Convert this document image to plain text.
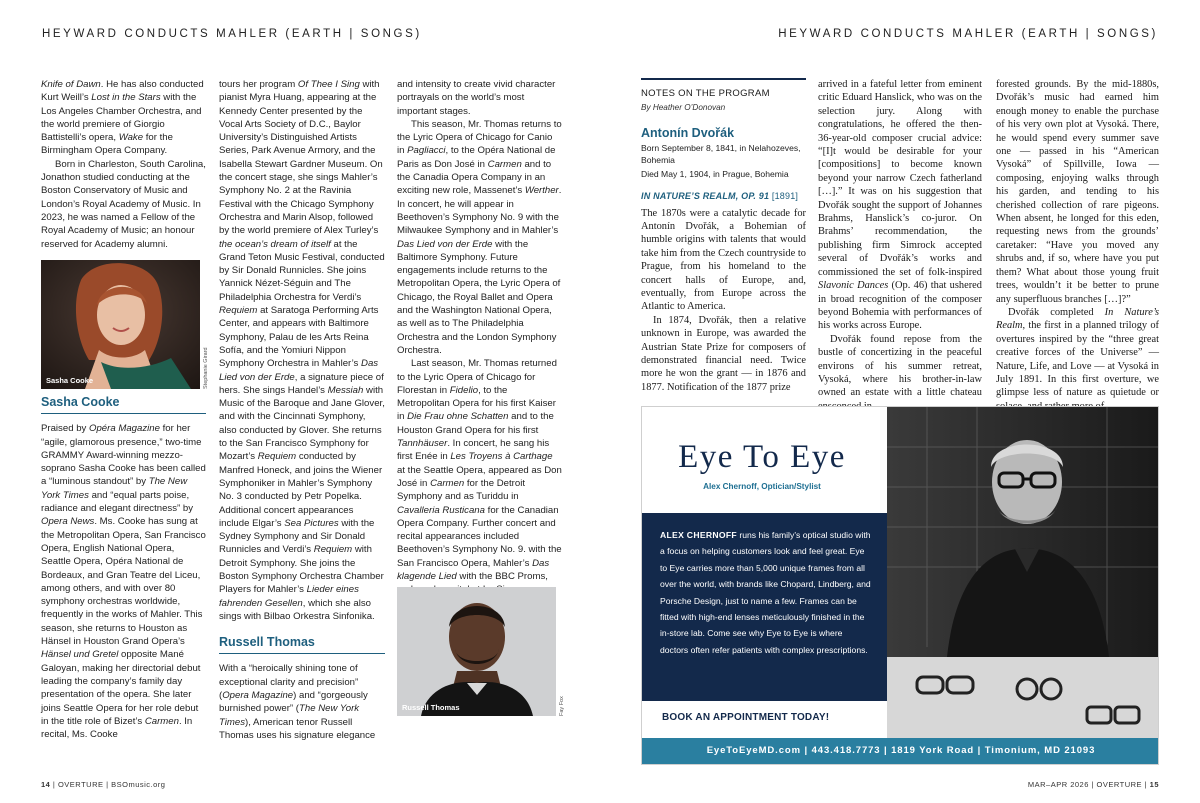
HEYWARD CONDUCTS MAHLER (EARTH | SONGS)	HEYWARD CONDUCTS MAHLER (EARTH | SONGS)

Knife of Dawn. He has also conducted Kurt Weill’s Lost in the Stars with the Los Angeles Chamber Orchestra, and the world premiere of Giorgio Battistelli’s opera, Wake for the Birmingham Opera Company.

Born in Charleston, South Carolina, Jonathon studied conducting at the Boston Conservatory of Music and London’s Royal Academy of Music. In 2023, he was named a Fellow of the Royal Academy of Music; an honour reserved for Academy alumni.

Sasha Cooke	Stephanie Girard
Sasha Cooke

Praised by Opéra Magazine for her “agile, glamorous presence,” two-time GRAMMY Award-winning mezzo-soprano Sasha Cooke has been called a “luminous standout” by The New York Times and “equal parts poise, radiance and elegant directness” by Opera News. Ms. Cooke has sung at the Metropolitan Opera, San Francisco Opera, English National Opera, Seattle Opera, Opéra National de Bordeaux, and Gran Teatre del Liceu, among others, and with over 80 symphony orchestras worldwide, frequently in the works of Mahler. This season, she returns to Houston as Hänsel in Houston Grand Opera’s Hänsel und Gretel opposite Mané Galoyan, making her directorial debut leading the company’s family day presentation of the opera. She later joins Seattle Opera for her role debut in the title role of Bizet’s Carmen. In recital, Ms. Cooke

tours her program Of Thee I Sing with pianist Myra Huang, appearing at the Kennedy Center presented by the Vocal Arts Society of D.C., Baylor University’s Distinguished Artists Series, Park Avenue Armory, and the Isabella Stewart Gardner Museum. On the concert stage, she sings Mahler’s Symphony No. 2 at the Ravinia Festival with the Chicago Symphony Orchestra and Marin Alsop, followed by the world premiere of Alex Turley’s the ocean’s dream of itself at the Grand Teton Music Festival, conducted by Sir Donald Runnicles. She joins Yannick Nézet-Séguin and The Philadelphia Orchestra for Verdi’s Requiem at Saratoga Performing Arts Center, and appears with Baltimore Symphony, Palau de les Arts Reina Sofía, and the Yomiuri Nippon Symphony Orchestra in Mahler’s Das Lied von der Erde, a signature piece of hers. She sings Handel’s Messiah with Music of the Baroque and Jane Glover, and with the Cincinnati Symphony, also conducted by Glover. She returns to the San Francisco Symphony for Mozart’s Requiem conducted by Manfred Honeck, and joins the Wiener Symphoniker in Mahler’s Symphony No. 3 conducted by Petr Popelka. Additional concert appearances include Elgar’s Sea Pictures with the Sydney Symphony and Sir Donald Runnicles and Verdi’s Requiem with Detroit Symphony. She joins the Boston Symphony Orchestra Chamber Players for Mahler’s Lieder eines fahrenden Gesellen, which she also sings with Bilbao Orkestra Sinfonika.

Russell Thomas

With a “heroically shining tone of exceptional clarity and precision” (Opera Magazine) and “gorgeously burnished power” (The New York Times), American tenor Russell Thomas uses his signature elegance

and intensity to create vivid character portrayals on the world’s most important stages.

This season, Mr. Thomas returns to the Lyric Opera of Chicago for Canio in Pagliacci, to the Opéra National de Paris as Don José in Carmen and to the Canadia Opera Company in an exciting new role, Massenet’s Werther. In concert, he will appear in Beethoven’s Symphony No. 9 with the Milwaukee Symphony and in Mahler’s Das Lied von der Erde with the Baltimore Symphony. Future engagements include returns to the Metropolitan Opera, the Lyric Opera of Chicago, the Royal Ballet and Opera and the Washington National Opera, as well as to The Philadelphia Orchestra and the London Symphony Orchestra.

Last season, Mr. Thomas returned to the Lyric Opera of Chicago for Florestan in Fidelio, to the Metropolitan Opera for his first Kaiser in Die Frau ohne Schatten and to the Houston Grand Opera for his first Tannhäuser. In concert, he sang his first Enée in Les Troyens à Carthage at the Seattle Opera, appeared as Don José in Carmen for the Detroit Symphony and as Turiddu in Cavalleria Rusticana for the Canadian Opera Company. Further concert and recital appearances included Beethoven’s Symphony No. 9. with the San Francisco Opera, Mahler’s Das klagende Lied with the BBC Proms,

Russell Thomas	Fay Fox
NOTES ON THE PROGRAM
By Heather O’Donovan
Antonín Dvořák
Born September 8, 1841, in Nelahozeves, Bohemia
Died May 1, 1904, in Prague, Bohemia
IN NATURE’S REALM, OP. 91 [1891]

The 1870s were a catalytic decade for Antonín Dvořák, a Bohemian of humble origins with talents that would take him from the Czech countryside to Prague, from his homeland to the concert halls of Europe, and, eventually, from Europe across the Atlantic to America.

In 1874, Dvořák, then a relative unknown in Europe, was awarded the Austrian State Prize for composers of demonstrated financial need. Twice more he won the grant — in 1876 and 1877. Notification of the 1877 prize

arrived in a fateful letter from eminent critic Eduard Hanslick, who was on the selection jury. Along with congratulations, he offered the then-36-year-old composer crucial advice: “[I]t would be desirable for your [compositions] to become known beyond your narrow Czech fatherland […].” It was on his suggestion that Dvořák sought the support of Johannes Brahms, Hanslick’s co-juror. On Brahms’ recommendation, the publishing firm Simrock accepted several of Dvořák’s works and commissioned the set of folk-inspired Slavonic Dances (Op. 46) that ushered in broad recognition of the composer beyond Bohemia with performances of his works across Europe.

Dvořák found repose from the bustle of concertizing in the peaceful environs of his summer retreat, Vysoká, where his brother-in-law owned an estate with a little chateau

forested grounds. By the mid-1880s, Dvořák’s music had earned him enough money to enable the purchase of his very own plot at Vysoká. There, he would spend every summer save one — passed in his “American Vysoká” of Spillville, Iowa — composing, enjoying walks through his garden, and tending to his cherished collection of rare pigeons. When absent, he longed for this eden, requesting news from the grounds’ caretaker: “Have you moved any shrubs and, if so, where have you put them? What about those young fruit trees, wouldn’t it be better to prune any superfluous branches […]?”

Dvořák completed In Nature’s Realm, the first in a planned trilogy of overtures inspired by the “three great creative forces of the Universe” — Nature, Life, and Love — at Vysoká in July 1891. In this first overture, we glimpse less of nature as quietude or

Eye To Eye
Alex Chernoff, Optician/Stylist
ALEX CHERNOFF runs his family’s optical studio with a focus on helping customers look and feel great. Eye to Eye carries more than 5,000 unique frames from all over the world, with brands like Chopard, Lindberg, and Porsche Design, just to name a few. Frames can be fitted with high-end lenses meticulously finished in the in-store lab. Come see why Eye to Eye is where doctors often refer patients with complex prescriptions.
BOOK AN APPOINTMENT TODAY!
EyeToEyeMD.com | 443.418.7773 | 1819 York Road | Timonium, MD 21093
14 | OVERTURE | BSOmusic.org	MAR–APR 2026 | OVERTURE | 15
